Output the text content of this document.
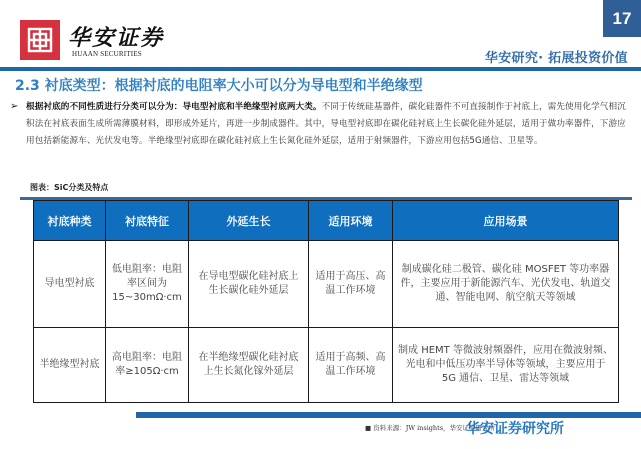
华安证券
HUAAN SECURITIES
17
华安研究· 拓展投资价值
2.3 衬底类型：根据衬底的电阻率大小可以分为导电型和半绝缘型
➢ 根据衬底的不同性质进行分类可以分为：导电型衬底和半绝缘型衬底两大类。不同于传统硅基器件，碳化硅器件不可直接制作于衬底上，需先使用化学气相沉积法在衬底表面生成所需薄膜材料，即形成外延片，再进一步制成器件。其中，导电型衬底即在碳化硅衬底上生长碳化硅外延层，适用于做功率器件，下游应用包括新能源车、光伏发电等。半绝缘型衬底即在碳化硅衬底上生长氮化硅外延层，适用于射频器件，下游应用包括5G通信、卫星等。
图表：SiC分类及特点
衬底种类	衬底特征	外延生长	适用环境	应用场景
导电型衬底	低电阻率：电阻率区间为15~30mΩ·cm	在导电型碳化硅衬底上生长碳化硅外延层	适用于高压、高温工作环境	制成碳化硅二极管、碳化硅 MOSFET 等功率器件，主要应用于新能源汽车、光伏发电、轨道交通、智能电网、航空航天等领域
半绝缘型衬底	高电阻率：电阻率≥105Ω·cm	在半绝缘型碳化硅衬底上生长氮化镓外延层	适用于高频、高温工作环境	制成 HEMT 等微波射频器件，应用在微波射频、光电和中低压功率半导体等领域，主要应用于 5G 通信、卫星、雷达等领域
■ 资料来源：JW insights，华安证券研究所
华安证券研究所
